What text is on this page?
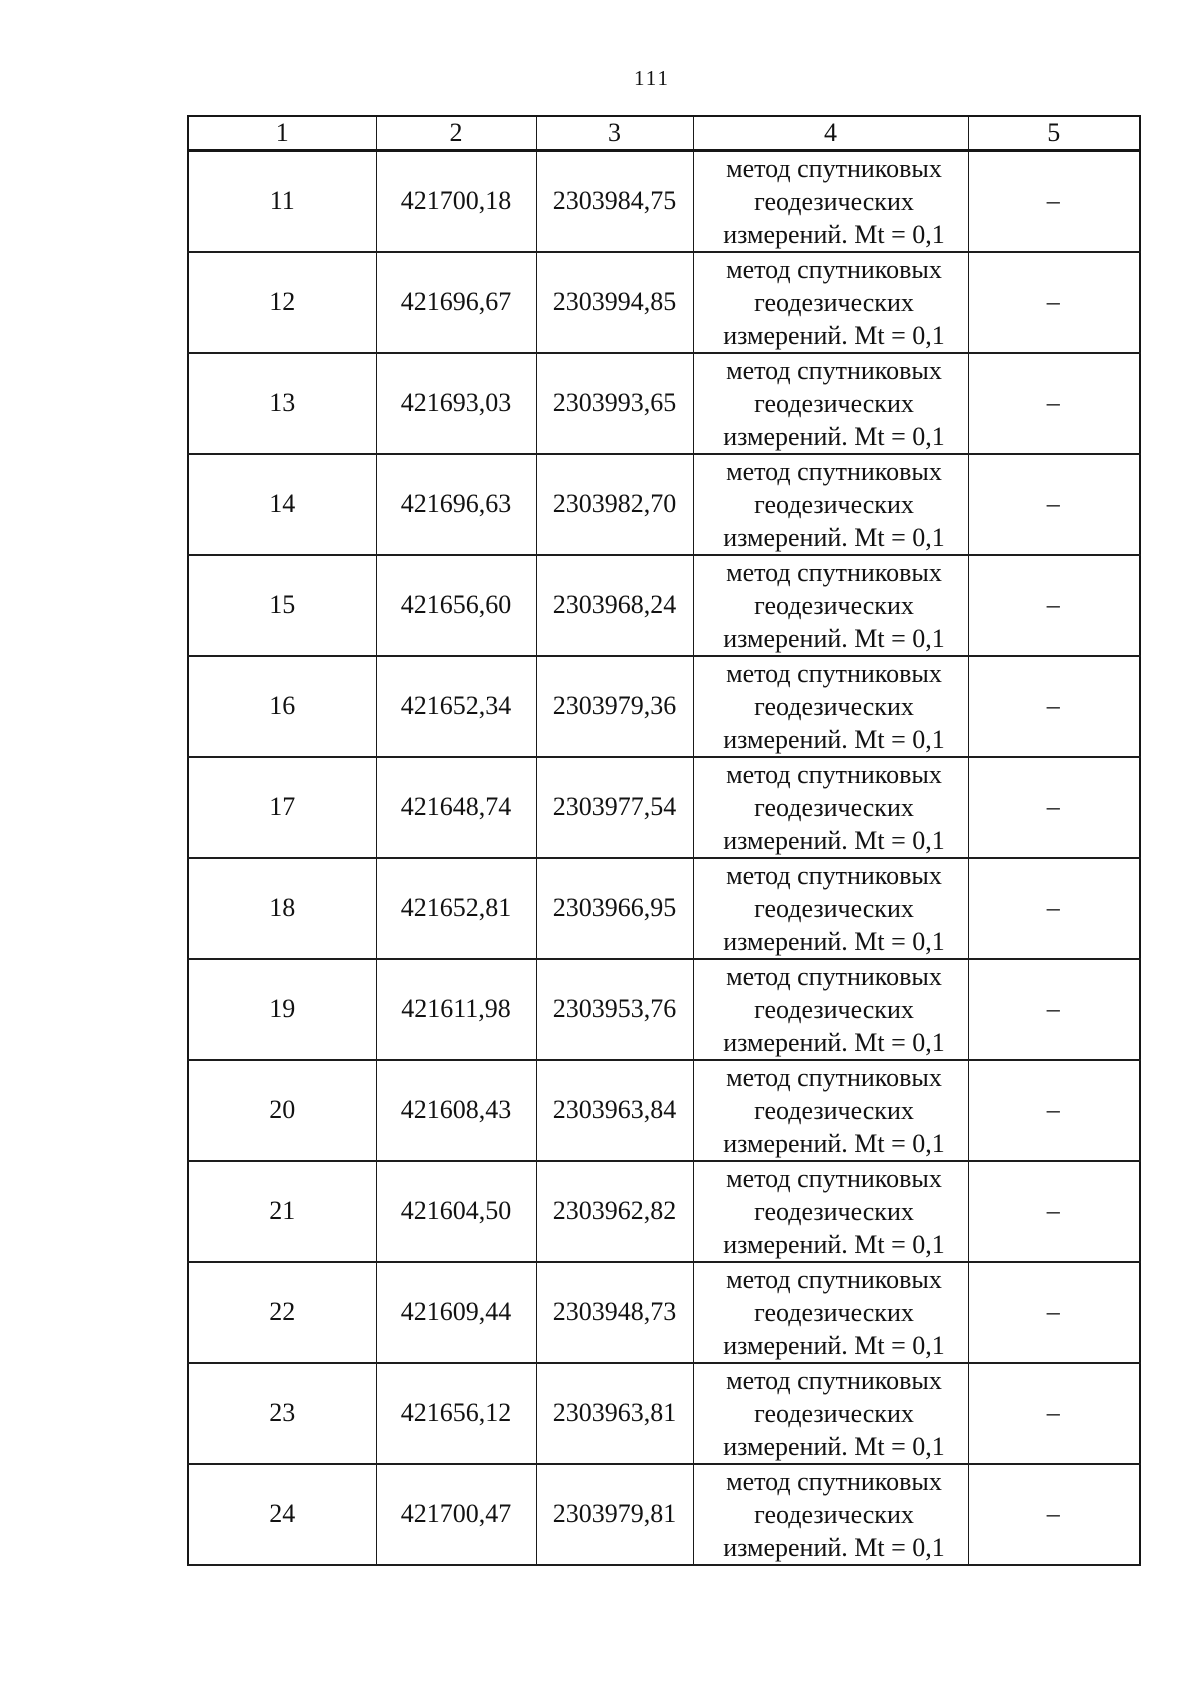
111
1	2	3	4	5
11	421700,18	2303984,75	метод спутниковых
геодезических
измерений. Mt = 0,1	–
12	421696,67	2303994,85	метод спутниковых
геодезических
измерений. Mt = 0,1	–
13	421693,03	2303993,65	метод спутниковых
геодезических
измерений. Mt = 0,1	–
14	421696,63	2303982,70	метод спутниковых
геодезических
измерений. Mt = 0,1	–
15	421656,60	2303968,24	метод спутниковых
геодезических
измерений. Mt = 0,1	–
16	421652,34	2303979,36	метод спутниковых
геодезических
измерений. Mt = 0,1	–
17	421648,74	2303977,54	метод спутниковых
геодезических
измерений. Mt = 0,1	–
18	421652,81	2303966,95	метод спутниковых
геодезических
измерений. Mt = 0,1	–
19	421611,98	2303953,76	метод спутниковых
геодезических
измерений. Mt = 0,1	–
20	421608,43	2303963,84	метод спутниковых
геодезических
измерений. Mt = 0,1	–
21	421604,50	2303962,82	метод спутниковых
геодезических
измерений. Mt = 0,1	–
22	421609,44	2303948,73	метод спутниковых
геодезических
измерений. Mt = 0,1	–
23	421656,12	2303963,81	метод спутниковых
геодезических
измерений. Mt = 0,1	–
24	421700,47	2303979,81	метод спутниковых
геодезических
измерений. Mt = 0,1	–
